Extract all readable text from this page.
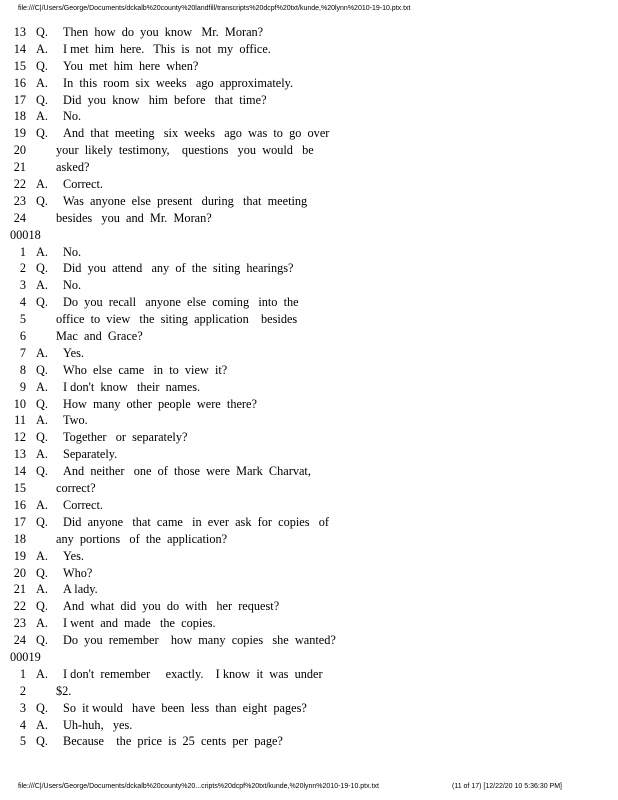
file:///C|/Users/George/Documents/dckalb%20county%20landfill/transcripts%20dcpf%20txt/kunde,%20lynn%2010-19-10.ptx.txt
13 Q. Then  how  do  you  know   Mr.  Moran?
14 A. I met  him  here.   This  is  not  my  office.
15 Q. You  met  him  here  when?
16 A. In  this  room  six  weeks   ago  approximately.
17 Q. Did  you  know   him  before   that  time?
18 A. No.
19 Q. And  that  meeting   six  weeks   ago  was  to  go  over
20 your  likely  testimony,    questions   you  would   be
21 asked?
22 A. Correct.
23 Q. Was  anyone  else  present   during   that  meeting
24 besides   you  and  Mr.  Moran?
00018
1 A. No.
2 Q. Did  you  attend   any  of  the  siting  hearings?
3 A. No.
4 Q. Do  you  recall   anyone  else  coming   into  the
5 office  to  view   the  siting  application    besides
6 Mac  and  Grace?
7 A. Yes.
8 Q. Who  else  came   in  to  view  it?
9 A. I don't  know   their  names.
10 Q. How  many  other  people  were  there?
11 A. Two.
12 Q. Together   or  separately?
13 A. Separately.
14 Q. And  neither   one  of  those  were  Mark  Charvat,
15 correct?
16 A. Correct.
17 Q. Did  anyone   that  came   in  ever  ask  for  copies   of
18 any  portions   of  the  application?
19 A. Yes.
20 Q. Who?
21 A. A lady.
22 Q. And  what  did  you  do  with   her  request?
23 A. I went  and  made   the  copies.
24 Q. Do  you  remember    how  many  copies   she  wanted?
00019
1 A. I don't  remember     exactly.    I know  it  was  under
2 $2.
3 Q. So  it would   have  been  less  than  eight  pages?
4 A. Uh-huh,   yes.
5 Q. Because    the  price  is  25  cents  per  page?
file:///C|/Users/George/Documents/dckalb%20county%20...cripts%20dcpf%20txt/kunde,%20lynn%2010-19-10.ptx.txt	(11 of 17) [12/22/20 10 5:36:30 PM]
